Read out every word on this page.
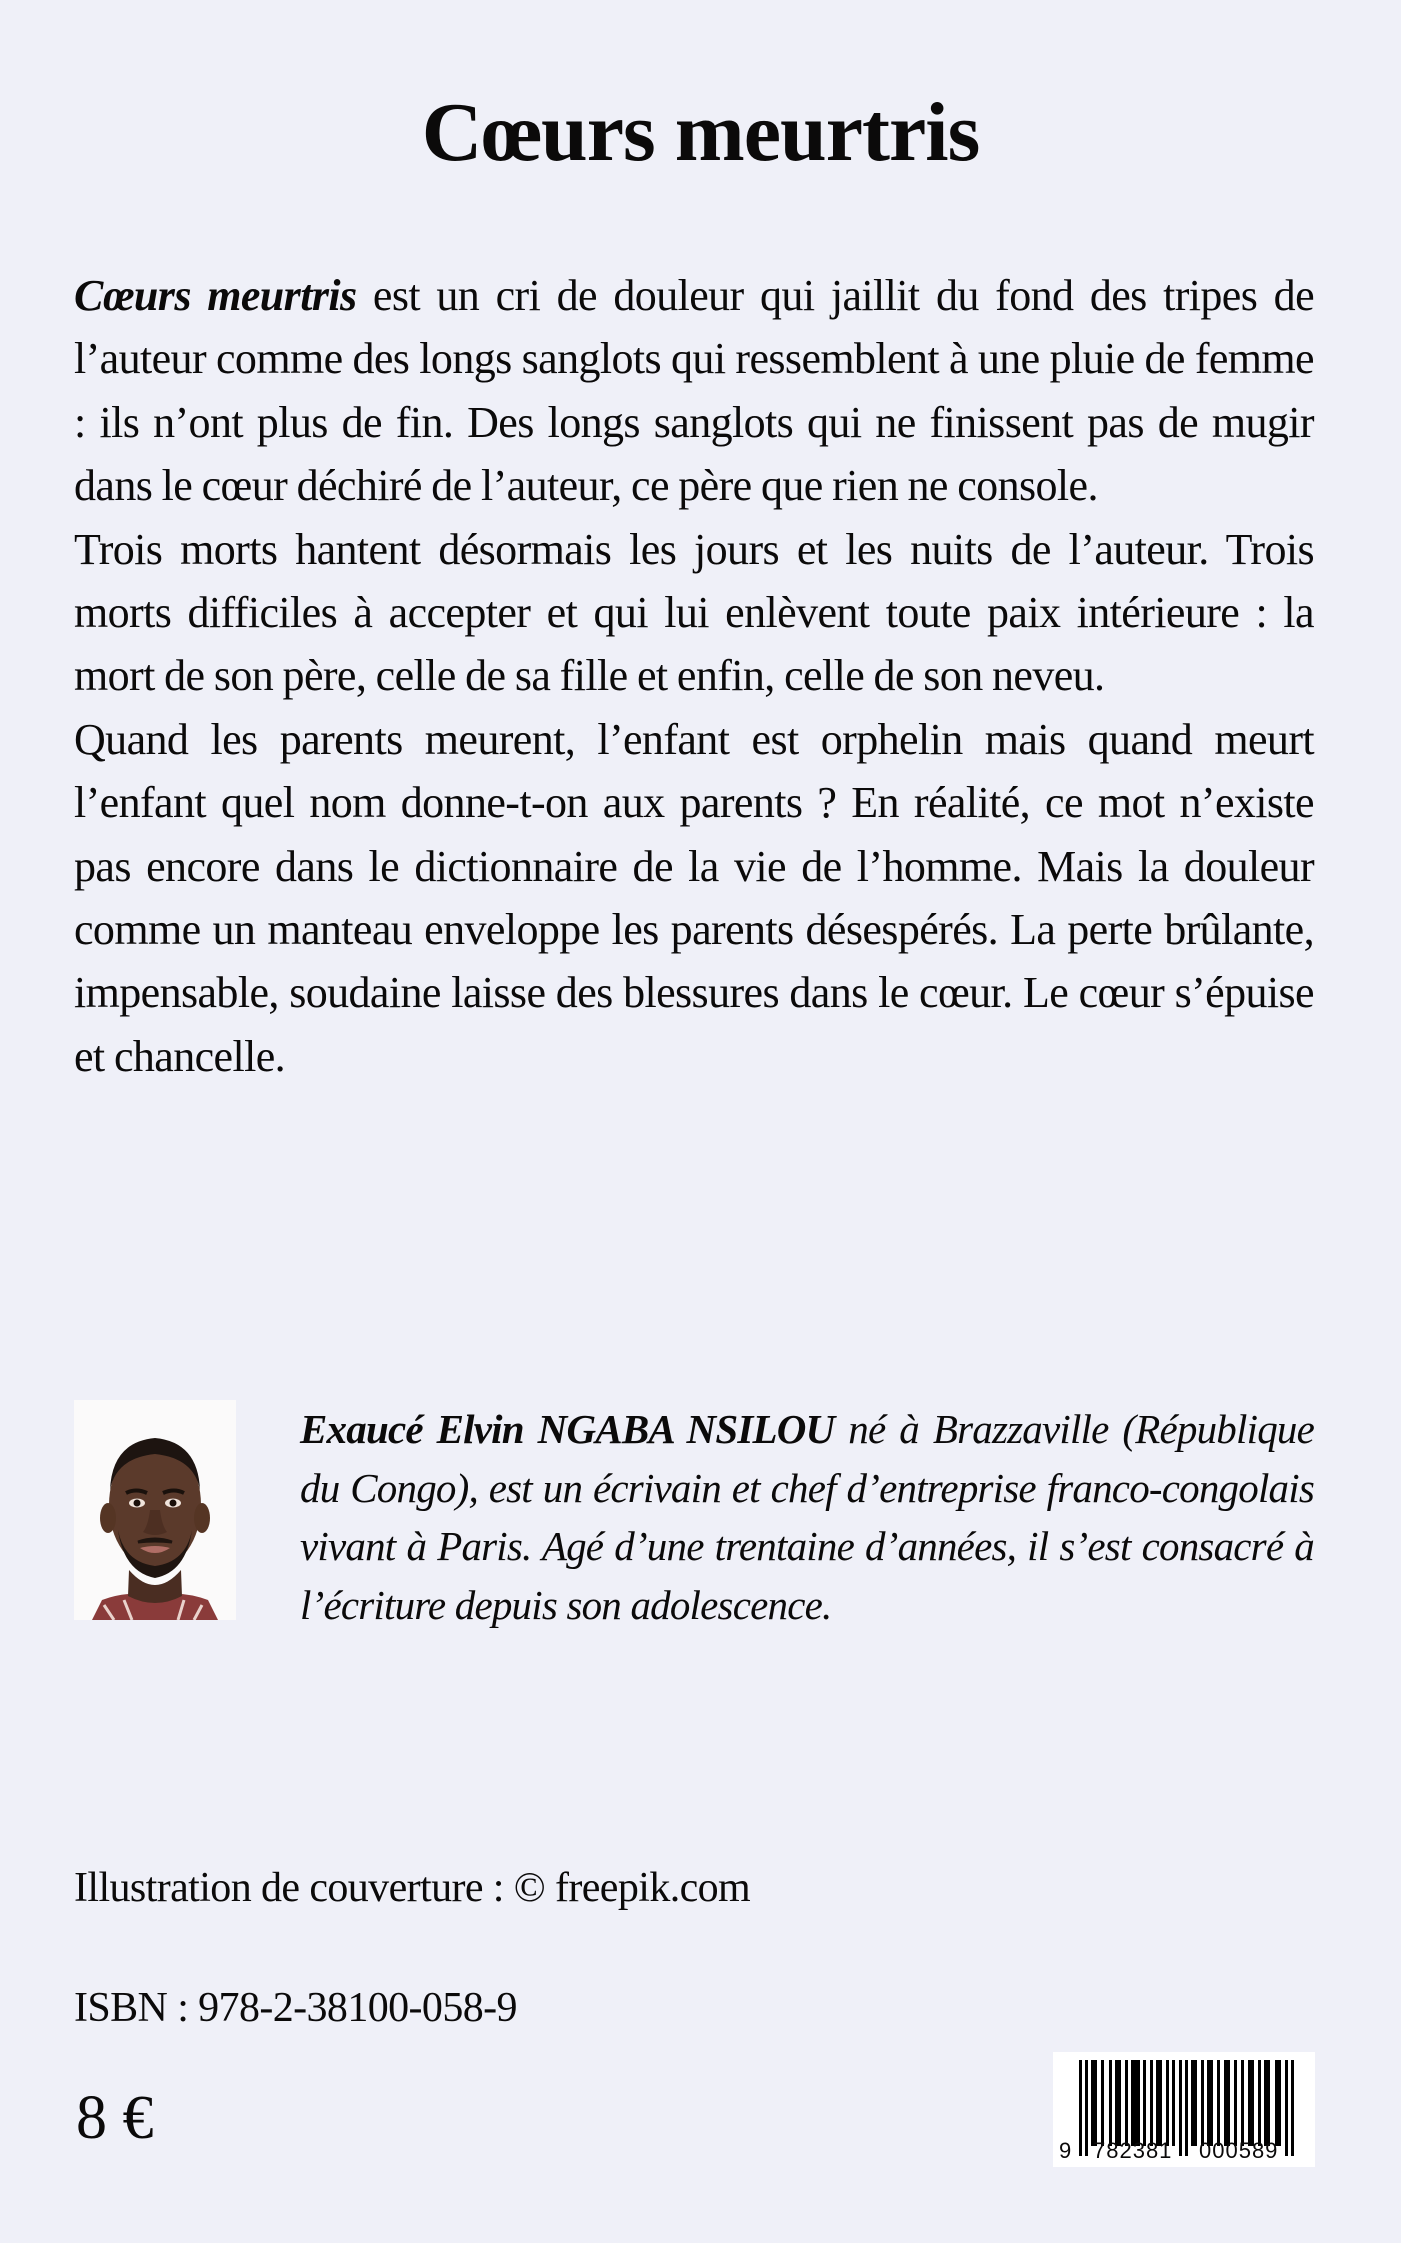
Cœurs meurtris

Cœurs meurtris est un cri de douleur qui jaillit du fond des tripes de l’auteur comme des longs sanglots qui ressemblent à une pluie de femme : ils n’ont plus de fin. Des longs sanglots qui ne finissent pas de mugir dans le cœur déchiré de l’auteur, ce père que rien ne console.

Trois morts hantent désormais les jours et les nuits de l’auteur. Trois morts difficiles à accepter et qui lui enlèvent toute paix intérieure : la mort de son père, celle de sa fille et enfin, celle de son neveu.

Quand les parents meurent, l’enfant est orphelin mais quand meurt l’enfant quel nom donne-t-on aux parents ? En réalité, ce mot n’existe pas encore dans le dictionnaire de la vie de l’homme. Mais la douleur comme un manteau enveloppe les parents désespérés. La perte brûlante, impensable, soudaine laisse des blessures dans le cœur. Le cœur s’épuise et chancelle.

Exaucé Elvin NGABA NSILOU né à Brazzaville (République du Congo), est un écrivain et chef d’entreprise franco-congolais vivant à Paris. Agé d’une trentaine d’années, il s’est consacré à l’écriture depuis son adolescence.

Illustration de couverture : © freepik.com
ISBN : 978-2-38100-058-9
8 €	9 782381 000589
